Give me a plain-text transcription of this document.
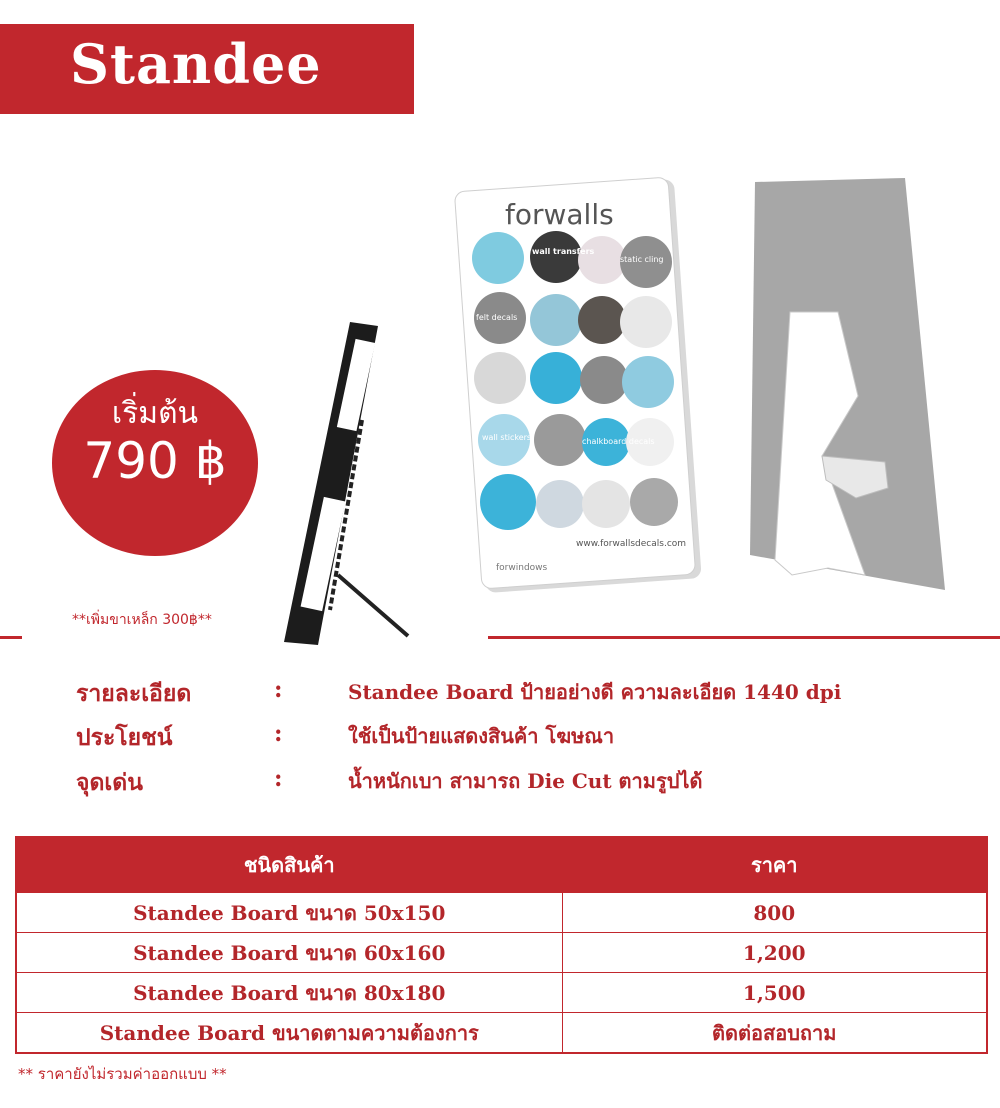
Standee
forwalls
wall transfers
static cling
felt decals
wall stickers	chalkboard decals
www.forwallsdecals.com
forwindows
เริ่มต้น
790 ฿
**เพิ่มขาเหล็ก 300฿**
รายละเอียด	:	Standee Board ป้ายอย่างดี ความละเอียด 1440 dpi
ประโยชน์	:	ใช้เป็นป้ายแสดงสินค้า โฆษณา
จุดเด่น	:	น้ำหนักเบา สามารถ Die Cut ตามรูปได้
ชนิดสินค้า	ราคา
Standee Board ขนาด 50x150	800
Standee Board ขนาด 60x160	1,200
Standee Board ขนาด 80x180	1,500
Standee Board ขนาดตามความต้องการ	ติดต่อสอบถาม
** ราคายังไม่รวมค่าออกแบบ **
